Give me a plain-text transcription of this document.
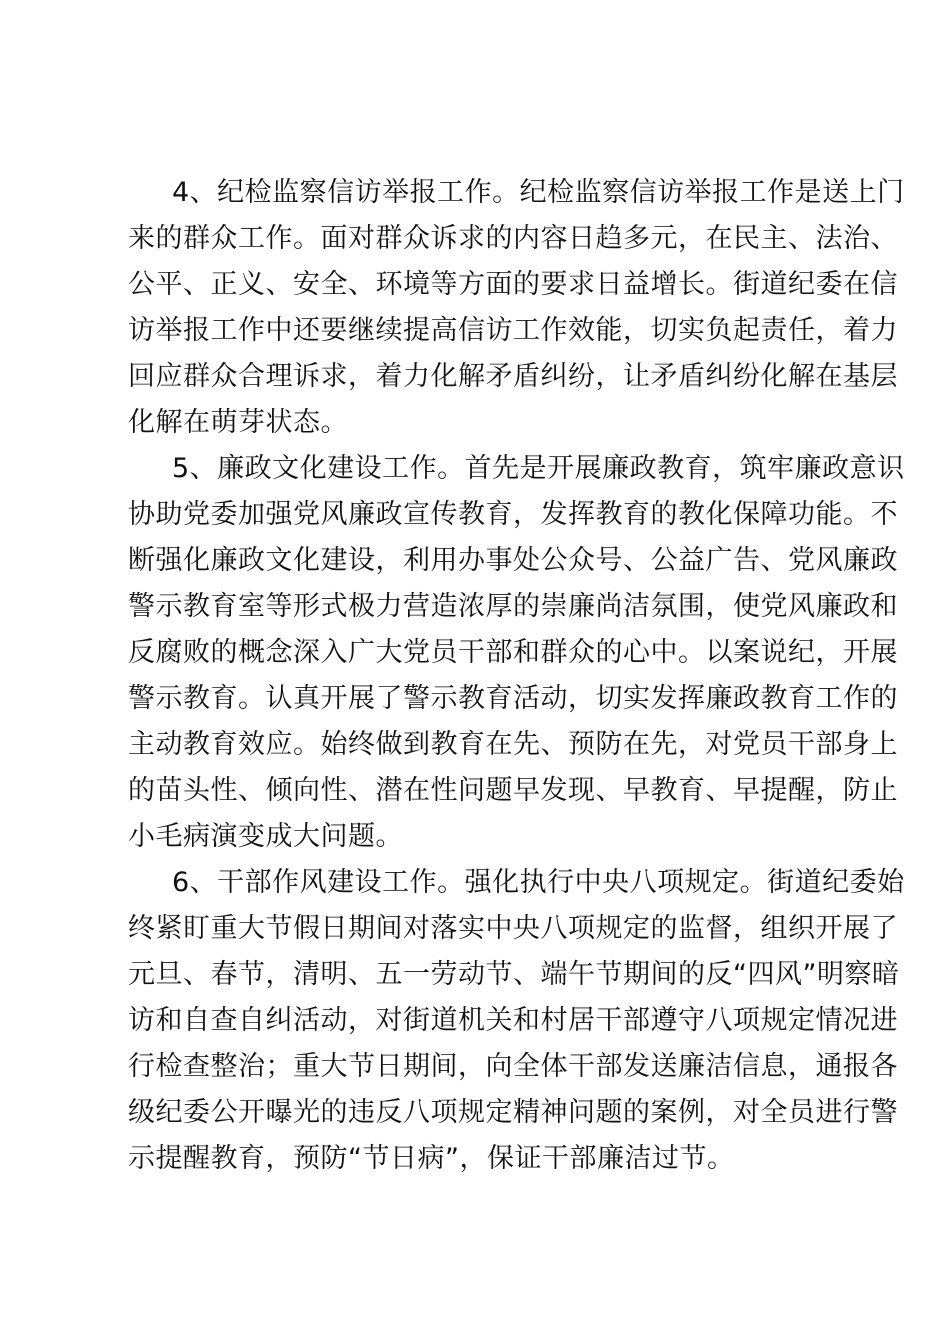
4、纪检监察信访举报工作。纪检监察信访举报工作是送上门
来的群众工作。面对群众诉求的内容日趋多元，在民主、法治、
公平、正义、安全、环境等方面的要求日益增长。街道纪委在信
访举报工作中还要继续提高信访工作效能，切实负起责任，着力
回应群众合理诉求，着力化解矛盾纠纷，让矛盾纠纷化解在基层
化解在萌芽状态。
5、廉政文化建设工作。首先是开展廉政教育，筑牢廉政意识
协助党委加强党风廉政宣传教育，发挥教育的教化保障功能。不
断强化廉政文化建设，利用办事处公众号、公益广告、党风廉政
警示教育室等形式极力营造浓厚的崇廉尚洁氛围，使党风廉政和
反腐败的概念深入广大党员干部和群众的心中。以案说纪，开展
警示教育。认真开展了警示教育活动，切实发挥廉政教育工作的
主动教育效应。始终做到教育在先、预防在先，对党员干部身上
的苗头性、倾向性、潜在性问题早发现、早教育、早提醒，防止
小毛病演变成大问题。
6、干部作风建设工作。强化执行中央八项规定。街道纪委始
终紧盯重大节假日期间对落实中央八项规定的监督，组织开展了
元旦、春节，清明、五一劳动节、端午节期间的反“四风”明察暗
访和自查自纠活动，对街道机关和村居干部遵守八项规定情况进
行检查整治；重大节日期间，向全体干部发送廉洁信息，通报各
级纪委公开曝光的违反八项规定精神问题的案例，对全员进行警
示提醒教育，预防“节日病”，保证干部廉洁过节。
